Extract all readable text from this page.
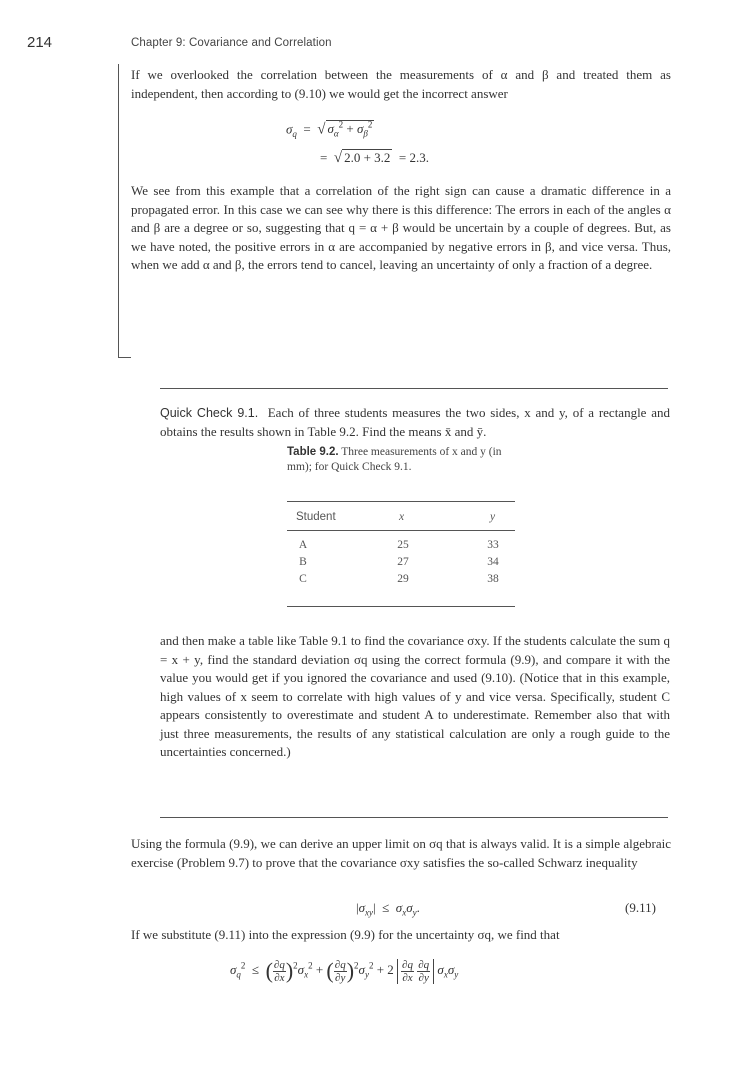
214	Chapter 9: Covariance and Correlation

If we overlooked the correlation between the measurements of α and β and treated them as independent, then according to (9.10) we would get the incorrect answer

$\sigma_q$  =  √ $\sigma_\alpha^2 + \sigma_\beta^2$
=  √ 2.0 + 3.2 = 2.3.

We see from this example that a correlation of the right sign can cause a dramatic difference in a propagated error. In this case we can see why there is this difference: The errors in each of the angles α and β are a degree or so, suggesting that q = α + β would be uncertain by a couple of degrees. But, as we have noted, the positive errors in α are accompanied by negative errors in β, and vice versa. Thus, when we add α and β, the errors tend to cancel, leaving an uncertainty of only a fraction of a degree.

Quick Check 9.1. Each of three students measures the two sides, x and y, of a rectangle and obtains the results shown in Table 9.2. Find the means x̄ and ȳ.

Table 9.2. Three measurements of x and y (in mm); for Quick Check 9.1.

Student	x	y
A	25	33
B	27	34
C	29	38

and then make a table like Table 9.1 to find the covariance σxy. If the students calculate the sum q = x + y, find the standard deviation σq using the correct formula (9.9), and compare it with the value you would get if you ignored the covariance and used (9.10). (Notice that in this example, high values of x seem to correlate with high values of y and vice versa. Specifically, student C appears consistently to overestimate and student A to underestimate. Remember also that with just three measurements, the results of any statistical calculation are only a rough guide to the uncertainties concerned.)

Using the formula (9.9), we can derive an upper limit on σq that is always valid. It is a simple algebraic exercise (Problem 9.7) to prove that the covariance σxy satisfies the so-called Schwarz inequality

$|\sigma_{xy}| \le \sigma_x\sigma_y$.	(9.11)

If we substitute (9.11) into the expression (9.9) for the uncertainty σq, we find that

$\sigma_q^2$  ≤  ( $\frac{\partial q}{\partial x} )^2\sigma_x^2$ + ( $\frac{\partial q}{\partial y} )^2\sigma_y^2 + 2 \frac{\partial q}{\partial x}$
$\frac{\partial q}{\partial y} \sigma_x\sigma_y$
